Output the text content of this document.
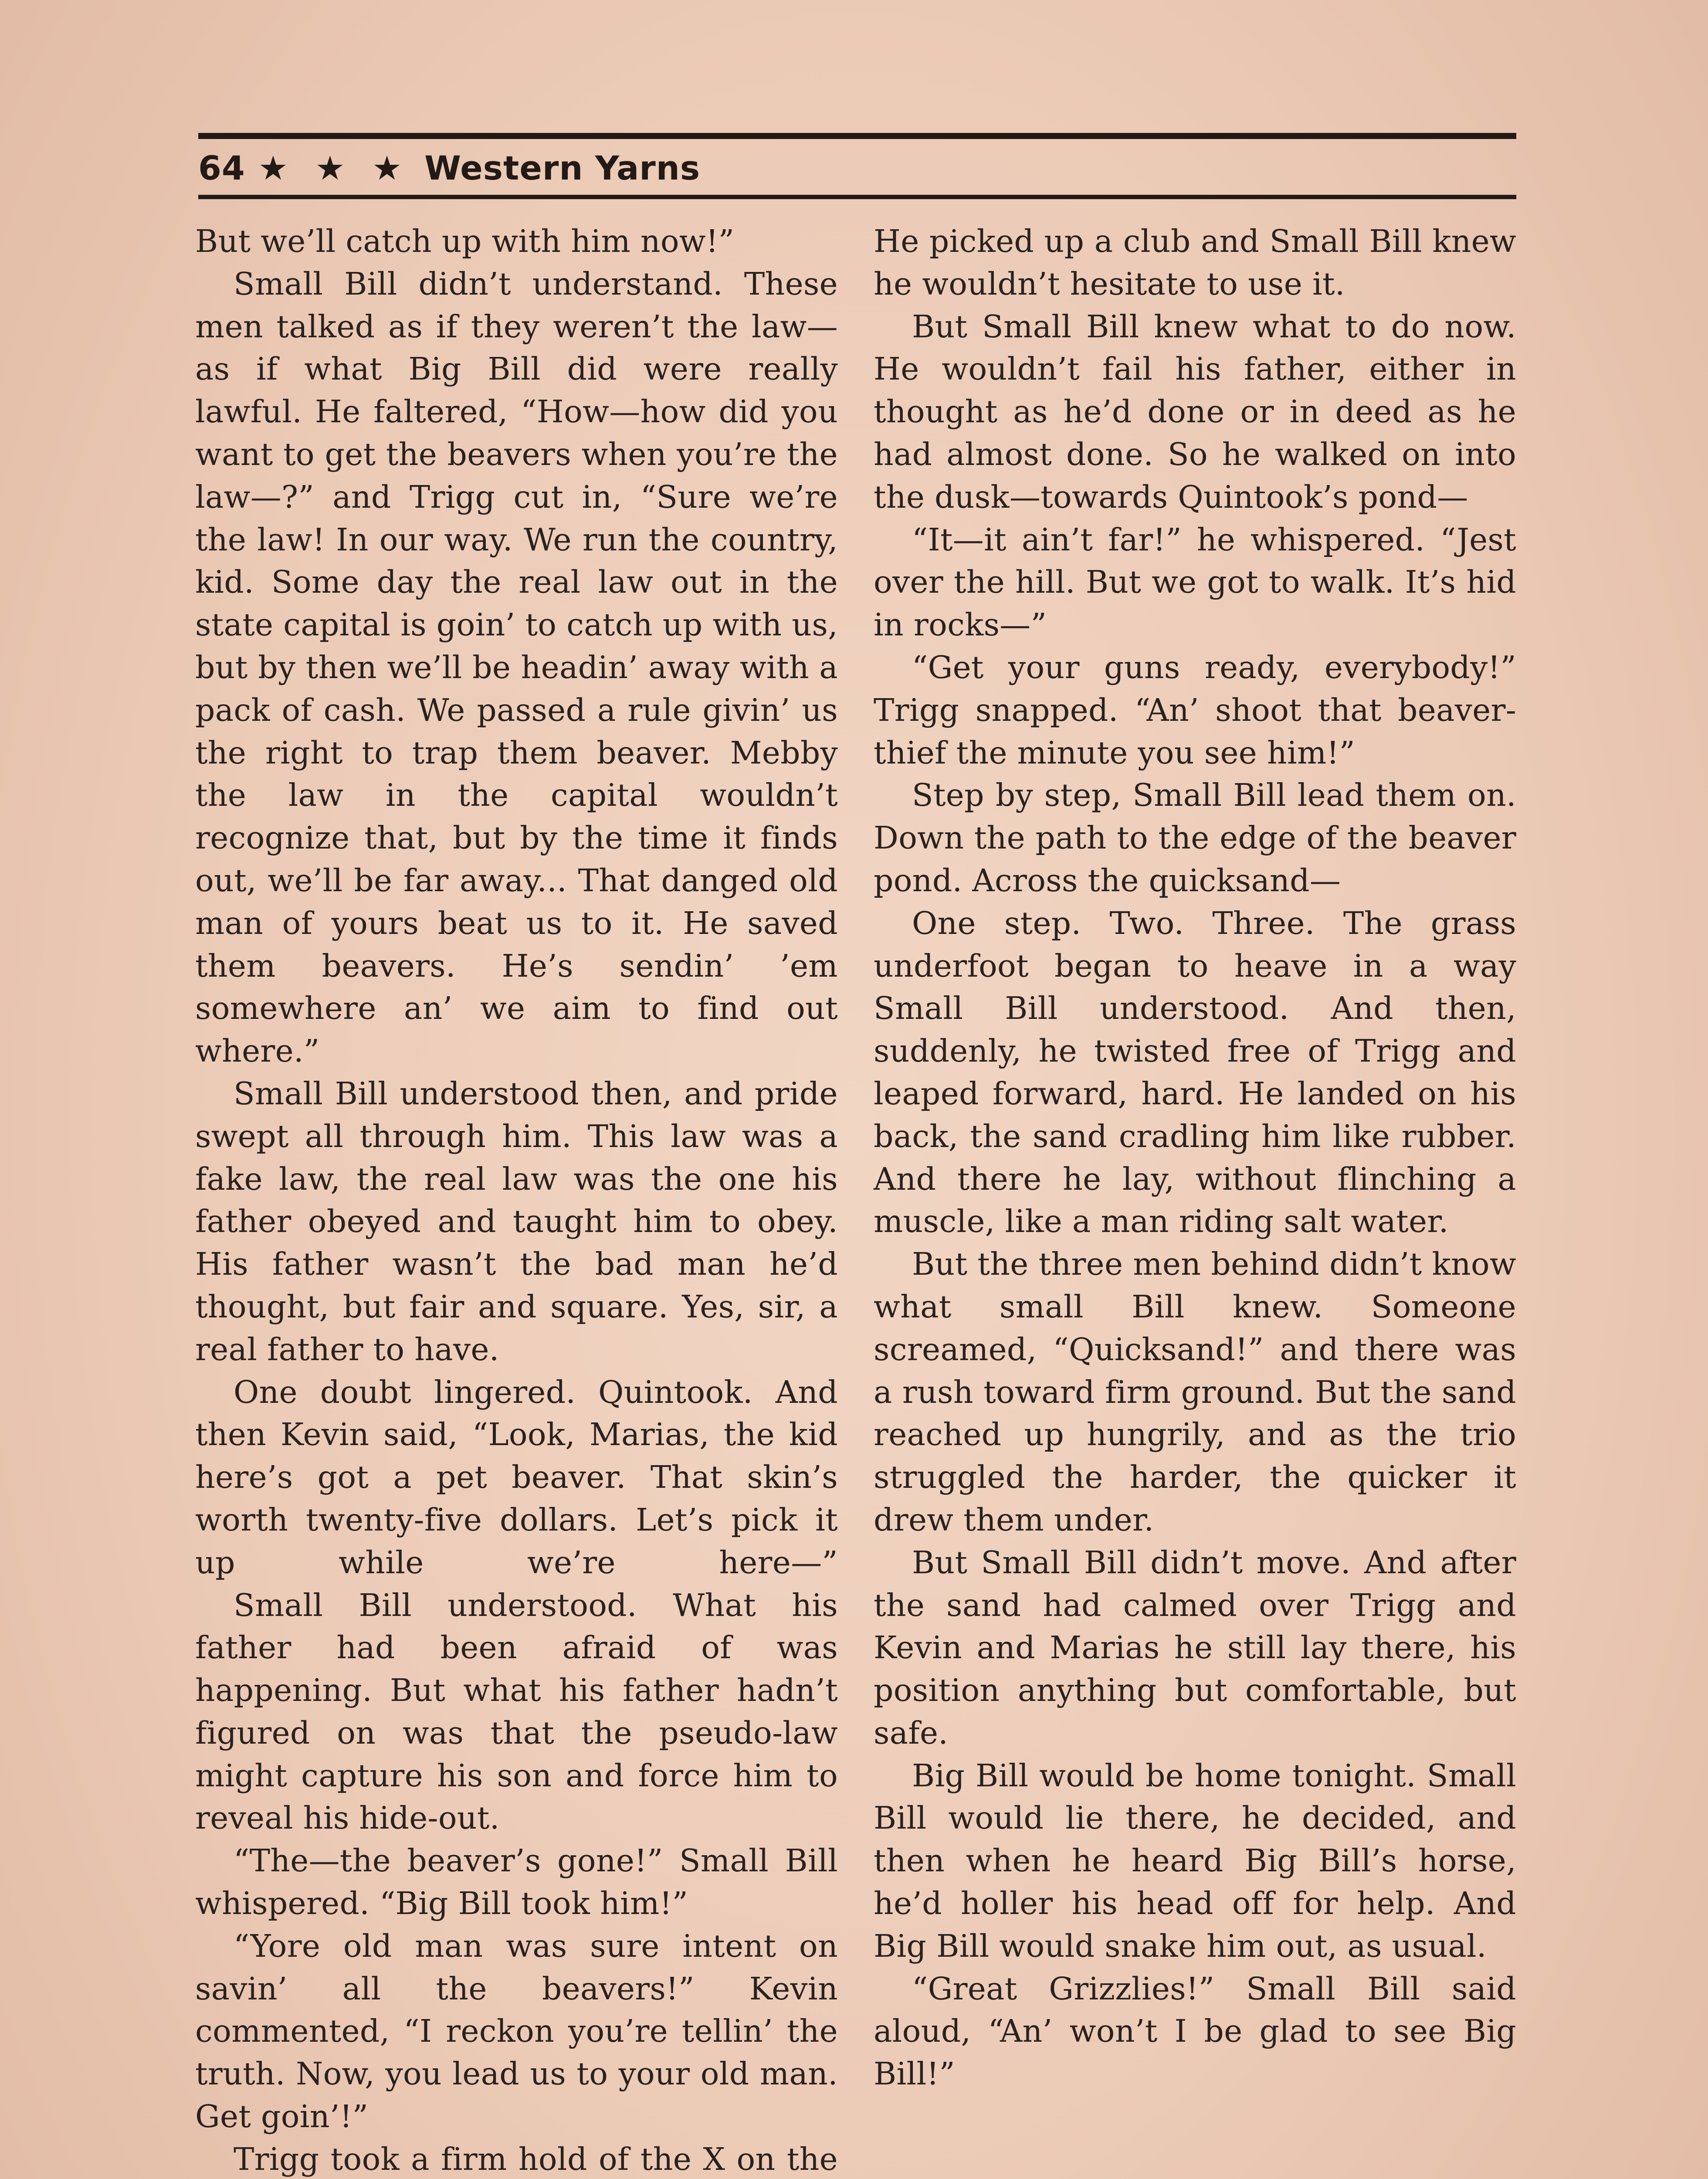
64 ★ ★ ★ Western Yarns

But we’ll catch up with him now!”

Small Bill didn’t understand. These men talked as if they weren’t the law—as if what Big Bill did were really lawful. He faltered, “How—how did you want to get the beavers when you’re the law—?” and Trigg cut in, “Sure we’re the law! In our way. We run the country, kid. Some day the real law out in the state capital is goin’ to catch up with us, but by then we’ll be headin’ away with a pack of cash. We passed a rule givin’ us the right to trap them beaver. Mebby the law in the capital wouldn’t recognize that, but by the time it finds out, we’ll be far away... That danged old man of yours beat us to it. He saved them beavers. He’s sendin’ ’em somewhere an’ we aim to find out where.”

Small Bill understood then, and pride swept all through him. This law was a fake law, the real law was the one his father obeyed and taught him to obey. His father wasn’t the bad man he’d thought, but fair and square. Yes, sir, a real father to have.

One doubt lingered. Quintook. And then Kevin said, “Look, Marias, the kid here’s got a pet beaver. That skin’s worth twenty-five dollars. Let’s pick it up while we’re here—”

Small Bill understood. What his father had been afraid of was happening. But what his father hadn’t figured on was that the pseudo-law might capture his son and force him to reveal his hide-out.

“The—the beaver’s gone!” Small Bill whispered. “Big Bill took him!”

“Yore old man was sure intent on savin’ all the beavers!” Kevin commented, “I reckon you’re tellin’ the truth. Now, you lead us to your old man. Get goin’!”

Trigg took a firm hold of the X on the

He picked up a club and Small Bill knew he wouldn’t hesitate to use it.

But Small Bill knew what to do now. He wouldn’t fail his father, either in thought as he’d done or in deed as he had almost done. So he walked on into the dusk—towards Quintook’s pond—

“It—it ain’t far!” he whispered. “Jest over the hill. But we got to walk. It’s hid in rocks—”

“Get your guns ready, everybody!” Trigg snapped. “An’ shoot that beaver-thief the minute you see him!”

Step by step, Small Bill lead them on. Down the path to the edge of the beaver pond. Across the quicksand—

One step. Two. Three. The grass underfoot began to heave in a way Small Bill understood. And then, suddenly, he twisted free of Trigg and leaped forward, hard. He landed on his back, the sand cradling him like rubber. And there he lay, without flinching a muscle, like a man riding salt water.

But the three men behind didn’t know what small Bill knew. Someone screamed, “Quicksand!” and there was a rush toward firm ground. But the sand reached up hungrily, and as the trio struggled the harder, the quicker it drew them under.

But Small Bill didn’t move. And after the sand had calmed over Trigg and Kevin and Marias he still lay there, his position anything but comfortable, but safe.

Big Bill would be home tonight. Small Bill would lie there, he decided, and then when he heard Big Bill’s horse, he’d holler his head off for help. And Big Bill would snake him out, as usual.

“Great Grizzlies!” Small Bill said aloud, “An’ won’t I be glad to see Big Bill!”
